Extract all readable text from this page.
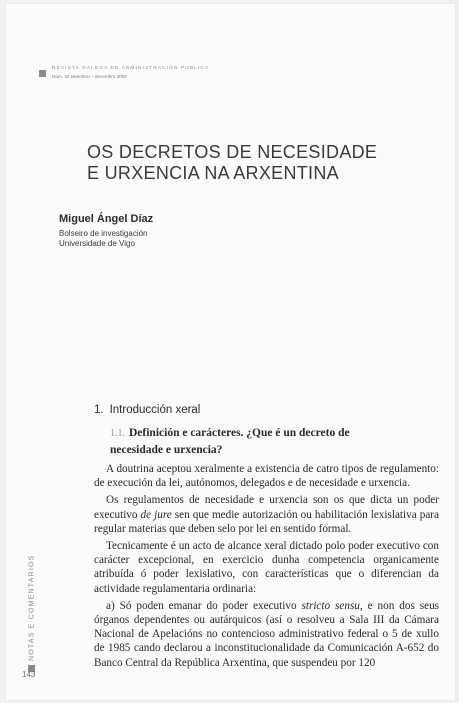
REVISTA GALEGA DE ADMINISTRACIÓN PÚBLICA
Núm. 32 setembro – decembro 2002
OS DECRETOS DE NECESIDADE
E URXENCIA NA ARXENTINA
Miguel Ángel Díaz
Bolseiro de investigación
Universidade de Vigo
1. Introducción xeral
1.1. Definición e carácteres. ¿Que é un decreto de necesidade e urxencia?

A doutrina aceptou xeralmente a existencia de catro tipos de regulamento: de execución da lei, autónomos, delegados e de necesidade e urxencia.

Os regulamentos de necesidade e urxencia son os que dicta un poder executivo de jure sen que medie autorización ou habilitación lexislativa para regular materias que deben selo por lei en sentido formal.

Tecnicamente é un acto de alcance xeral dictado polo poder executivo con carácter excepcional, en exercicio dunha competencia organicamente atribuída ó poder lexislativo, con características que o diferencian da actividade regulamentaria ordinaria:

a) Só poden emanar do poder executivo stricto sensu, e non dos seus órganos dependentes ou autárquicos (así o resolveu a Sala III da Cámara Nacional de Apelacións no contencioso administrativo federal o 5 de xullo de 1985 cando declarou a inconstitucionalidade da Comunicación A-652 do Banco Central da República Arxentina, que suspendeu por 120

NOTAS E COMENTARIOS
143
